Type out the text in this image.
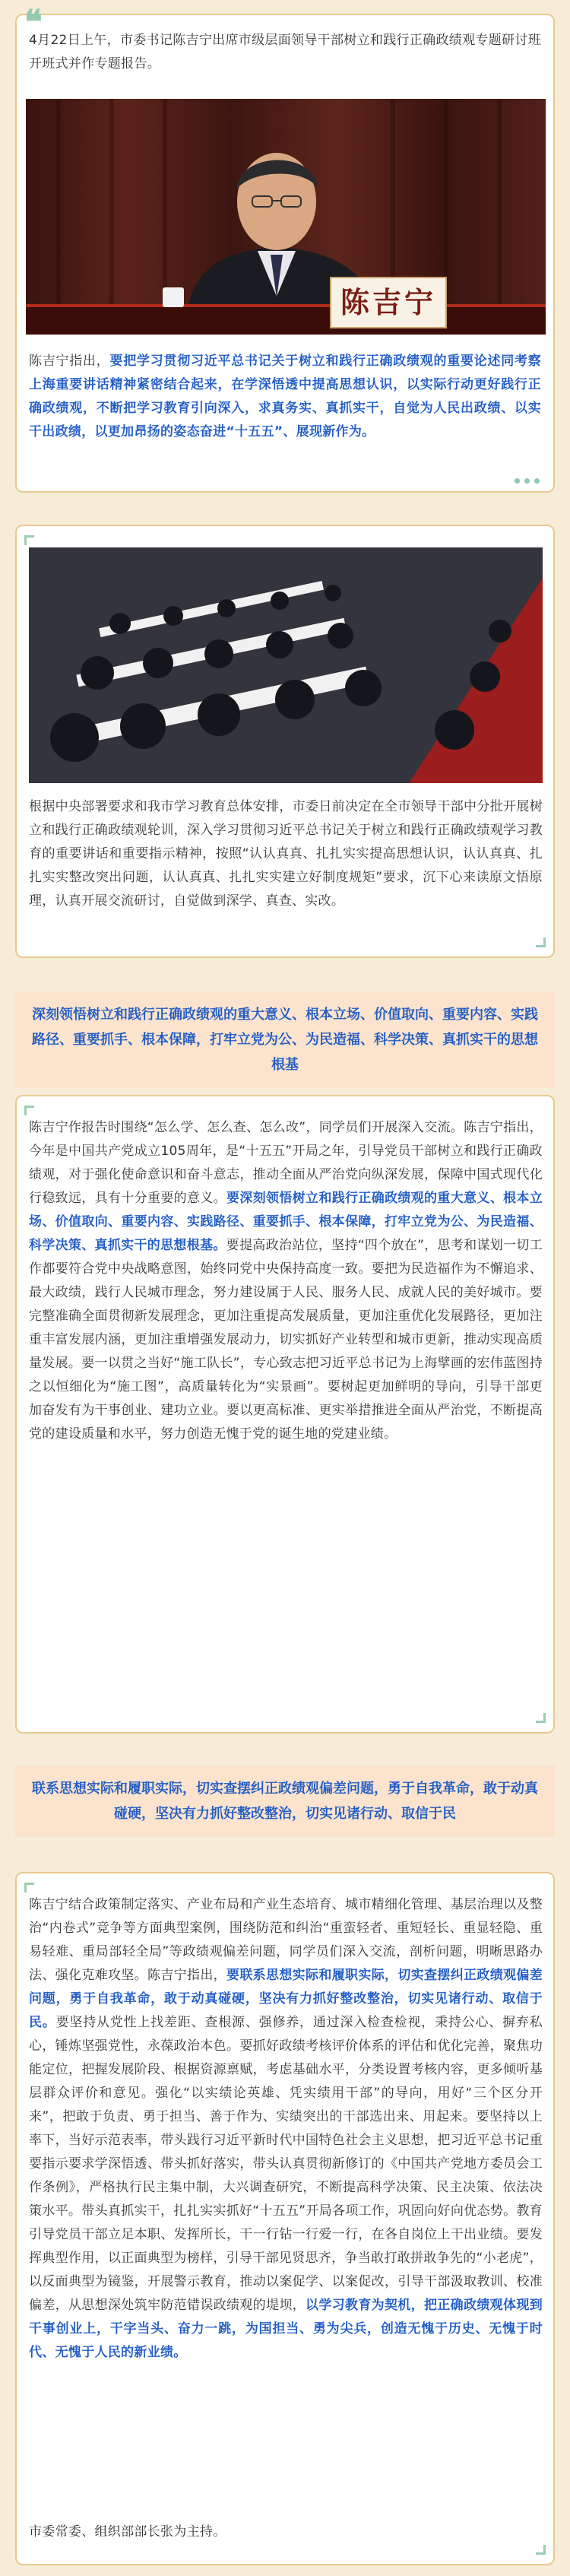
❝

4月22日上午，市委书记陈吉宁出席市级层面领导干部树立和践行正确政绩观专题研讨班开班式并作专题报告。

陈吉宁

陈吉宁指出，要把学习贯彻习近平总书记关于树立和践行正确政绩观的重要论述同考察上海重要讲话精神紧密结合起来，在学深悟透中提高思想认识，以实际行动更好践行正确政绩观，不断把学习教育引向深入，求真务实、真抓实干，自觉为人民出政绩、以实干出政绩，以更加昂扬的姿态奋进“十五五”、展现新作为。

根据中央部署要求和我市学习教育总体安排，市委日前决定在全市领导干部中分批开展树立和践行正确政绩观轮训，深入学习贯彻习近平总书记关于树立和践行正确政绩观学习教育的重要讲话和重要指示精神，按照“认认真真、扎扎实实提高思想认识，认认真真、扎扎实实整改突出问题，认认真真、扎扎实实建立好制度规矩”要求，沉下心来读原文悟原理，认真开展交流研讨，自觉做到深学、真查、实改。

深刻领悟树立和践行正确政绩观的重大意义、根本立场、价值取向、重要内容、实践路径、重要抓手、根本保障，打牢立党为公、为民造福、科学决策、真抓实干的思想根基

陈吉宁作报告时围绕“怎么学、怎么查、怎么改”，同学员们开展深入交流。陈吉宁指出，今年是中国共产党成立105周年，是“十五五”开局之年，引导党员干部树立和践行正确政绩观，对于强化使命意识和奋斗意志，推动全面从严治党向纵深发展，保障中国式现代化行稳致远，具有十分重要的意义。要深刻领悟树立和践行正确政绩观的重大意义、根本立场、价值取向、重要内容、实践路径、重要抓手、根本保障，打牢立党为公、为民造福、科学决策、真抓实干的思想根基。要提高政治站位，坚持“四个放在”，思考和谋划一切工作都要符合党中央战略意图，始终同党中央保持高度一致。要把为民造福作为不懈追求、最大政绩，践行人民城市理念，努力建设属于人民、服务人民、成就人民的美好城市。要完整准确全面贯彻新发展理念，更加注重提高发展质量，更加注重优化发展路径，更加注重丰富发展内涵，更加注重增强发展动力，切实抓好产业转型和城市更新，推动实现高质量发展。要一以贯之当好“施工队长”，专心致志把习近平总书记为上海擘画的宏伟蓝图持之以恒细化为“施工图”，高质量转化为“实景画”。要树起更加鲜明的导向，引导干部更加奋发有为干事创业、建功立业。要以更高标准、更实举措推进全面从严治党，不断提高党的建设质量和水平，努力创造无愧于党的诞生地的党建业绩。

联系思想实际和履职实际，切实查摆纠正政绩观偏差问题，勇于自我革命，敢于动真碰硬，坚决有力抓好整改整治，切实见诸行动、取信于民

陈吉宁结合政策制定落实、产业布局和产业生态培育、城市精细化管理、基层治理以及整治“内卷式”竞争等方面典型案例，围绕防范和纠治“重蛮轻者、重短轻长、重显轻隐、重易轻难、重局部轻全局”等政绩观偏差问题，同学员们深入交流，剖析问题，明晰思路办法、强化克难攻坚。陈吉宁指出，要联系思想实际和履职实际，切实查摆纠正政绩观偏差问题，勇于自我革命，敢于动真碰硬，坚决有力抓好整改整治，切实见诸行动、取信于民。要坚持从党性上找差距、查根源、强修养，通过深入检查检视，秉持公心、摒弃私心，锤炼坚强党性，永葆政治本色。要抓好政绩考核评价体系的评估和优化完善，聚焦功能定位，把握发展阶段、根据资源禀赋，考虑基础水平，分类设置考核内容，更多倾听基层群众评价和意见。强化“以实绩论英雄、凭实绩用干部”的导向，用好“三个区分开来”，把敢于负责、勇于担当、善于作为、实绩突出的干部选出来、用起来。要坚持以上率下，当好示范表率，带头践行习近平新时代中国特色社会主义思想，把习近平总书记重要指示要求学深悟透、带头抓好落实，带头认真贯彻新修订的《中国共产党地方委员会工作条例》，严格执行民主集中制，大兴调查研究，不断提高科学决策、民主决策、依法决策水平。带头真抓实干，扎扎实实抓好“十五五”开局各项工作，巩固向好向优态势。教育引导党员干部立足本职、发挥所长，干一行钻一行爱一行，在各自岗位上干出业绩。要发挥典型作用，以正面典型为榜样，引导干部见贤思齐，争当敢打敢拼敢争先的“小老虎”，以反面典型为镜鉴，开展警示教育，推动以案促学、以案促改，引导干部汲取教训、校准偏差，从思想深处筑牢防范错误政绩观的堤坝，以学习教育为契机，把正确政绩观体现到干事创业上，干字当头、奋力一跳，为国担当、勇为尖兵，创造无愧于历史、无愧于时代、无愧于人民的新业绩。

市委常委、组织部部长张为主持。
